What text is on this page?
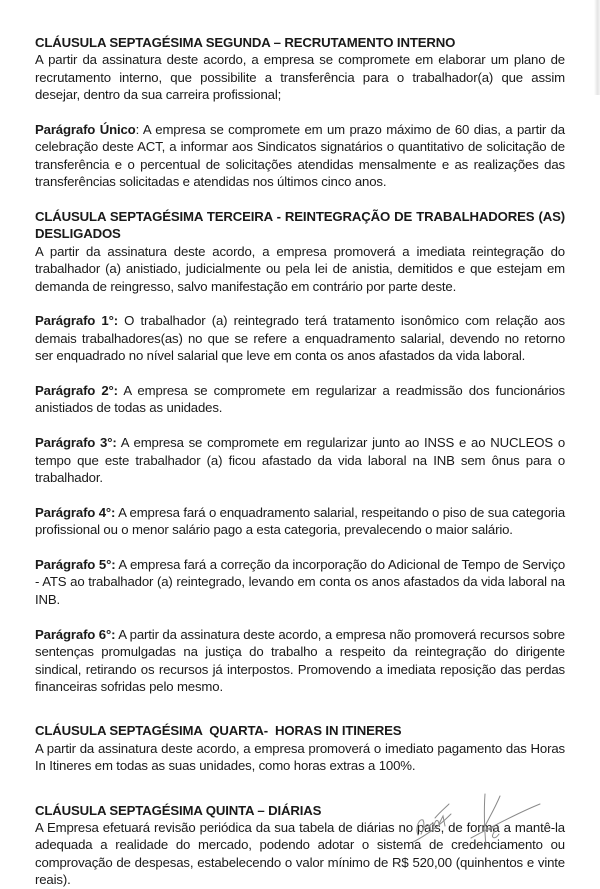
CLÁUSULA SEPTAGÉSIMA SEGUNDA – RECRUTAMENTO INTERNO

A partir da assinatura deste acordo, a empresa se compromete em elaborar um plano de recrutamento interno, que possibilite a transferência para o trabalhador(a) que assim desejar, dentro da sua carreira profissional;

Parágrafo Único: A empresa se compromete em um prazo máximo de 60 dias, a partir da celebração deste ACT, a informar aos Sindicatos signatários o quantitativo de solicitação de transferência e o percentual de solicitações atendidas mensalmente e as realizações das transferências solicitadas e atendidas nos últimos cinco anos.

CLÁUSULA SEPTAGÉSIMA TERCEIRA - REINTEGRAÇÃO DE TRABALHADORES (AS) DESLIGADOS

A partir da assinatura deste acordo, a empresa promoverá a imediata reintegração do trabalhador (a) anistiado, judicialmente ou pela lei de anistia, demitidos e que estejam em demanda de reingresso, salvo manifestação em contrário por parte deste.

Parágrafo 1°: O trabalhador (a) reintegrado terá tratamento isonômico com relação aos demais trabalhadores(as) no que se refere a enquadramento salarial, devendo no retorno ser enquadrado no nível salarial que leve em conta os anos afastados da vida laboral.

Parágrafo 2°: A empresa se compromete em regularizar a readmissão dos funcionários anistiados de todas as unidades.

Parágrafo 3°: A empresa se compromete em regularizar junto ao INSS e ao NUCLEOS o tempo que este trabalhador (a) ficou afastado da vida laboral na INB sem ônus para o trabalhador.

Parágrafo 4°: A empresa fará o enquadramento salarial, respeitando o piso de sua categoria profissional ou o menor salário pago a esta categoria, prevalecendo o maior salário.

Parágrafo 5°: A empresa fará a correção da incorporação do Adicional de Tempo de Serviço - ATS ao trabalhador (a) reintegrado, levando em conta os anos afastados da vida laboral na INB.

Parágrafo 6°: A partir da assinatura deste acordo, a empresa não promoverá recursos sobre sentenças promulgadas na justiça do trabalho a respeito da reintegração do dirigente sindical, retirando os recursos já interpostos. Promovendo a imediata reposição das perdas financeiras sofridas pelo mesmo.

CLÁUSULA SEPTAGÉSIMA  QUARTA-  HORAS IN ITINERES

A partir da assinatura deste acordo, a empresa promoverá o imediato pagamento das Horas In Itineres em todas as suas unidades, como horas extras a 100%.

CLÁUSULA SEPTAGÉSIMA QUINTA – DIÁRIAS

A Empresa efetuará revisão periódica da sua tabela de diárias no pais, de forma a mantê-la adequada a realidade do mercado, podendo adotar o sistema de credenciamento ou comprovação de despesas, estabelecendo o valor mínimo de R$ 520,00 (quinhentos e vinte reais).
